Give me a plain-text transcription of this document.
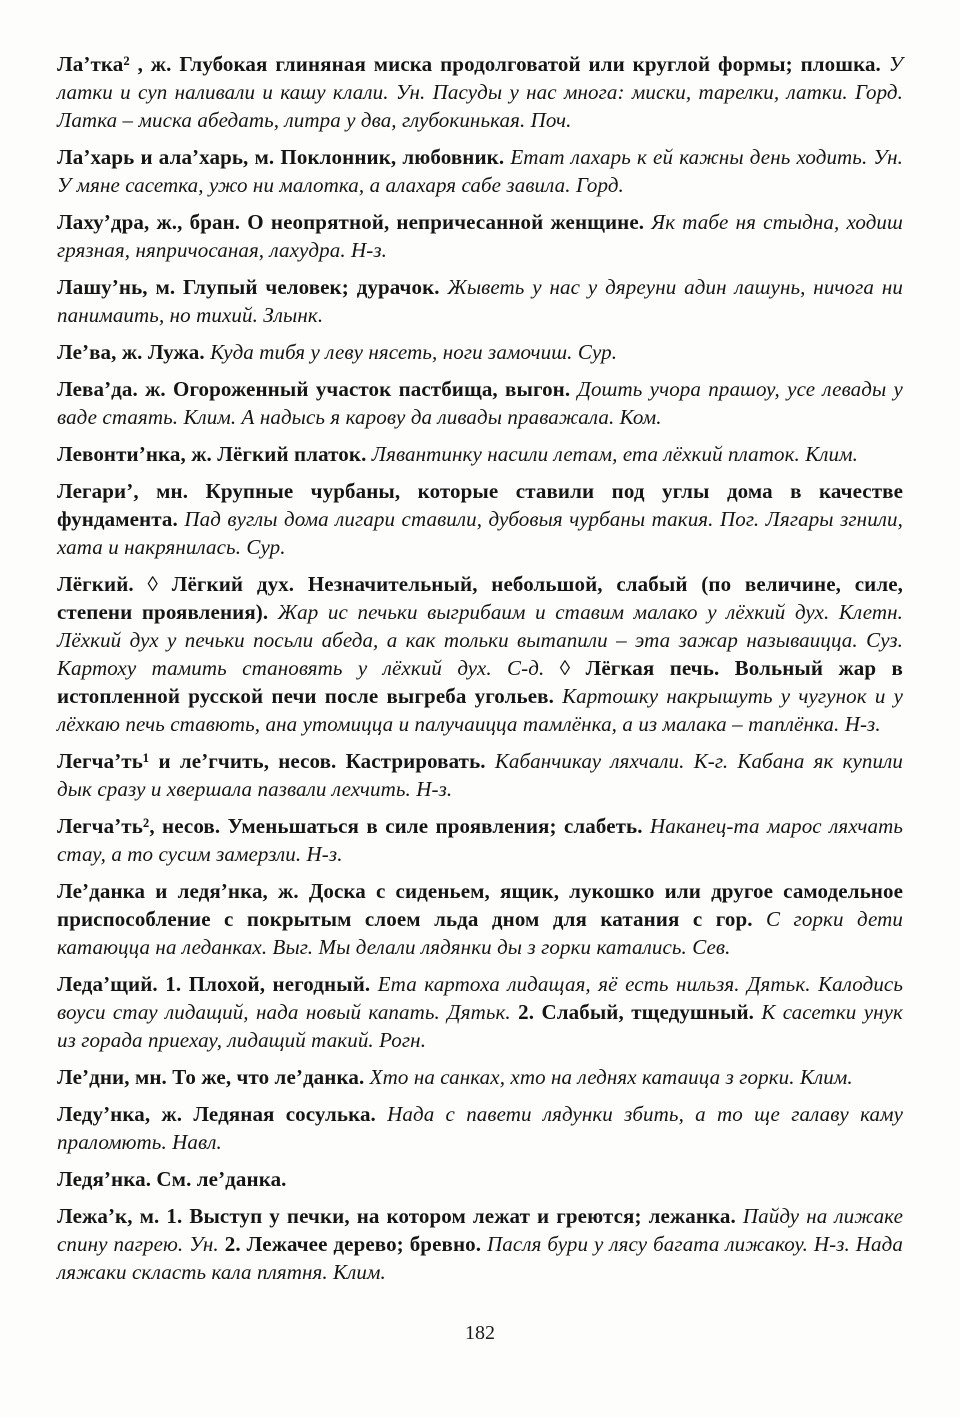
Ла’тка² , ж. Глубокая глиняная миска продолговатой или круглой формы; плошка. У латки и суп наливали и кашу клали. Ун. Пасуды у нас многа: миски, тарелки, латки. Горд. Латка – миска абедать, литра у два, глубокинькая. Поч.

Ла’харь и ала’харь, м. Поклонник, любовник. Етат лахарь к ей кажны день ходить. Ун. У мяне сасетка, ужо ни малотка, а алахаря сабе завила. Горд.

Лаху’дра, ж., бран. О неопрятной, непричесанной женщине. Як табе ня стыдна, ходиш грязная, няпричосаная, лахудра. Н-з.

Лашу’нь, м. Глупый человек; дурачок. Жыветь у нас у дяреуни адин лашунь, ничога ни панимаить, но тихий. Злынк.

Ле’ва, ж. Лужа. Куда тибя у леву нясеть, ноги замочиш. Сур.

Лева’да. ж. Огороженный участок пастбища, выгон. Дошть учора прашоу, усе левады у ваде стаять. Клим. А надысь я карову да ливады праважала. Ком.

Левонти’нка, ж. Лёгкий платок. Лявантинку насили летам, ета лёхкий платок. Клим.

Легари’, мн. Крупные чурбаны, которые ставили под углы дома в качестве фундамента. Пад вуглы дома лигари ставили, дубовыя чурбаны такия. Пог. Лягары згнили, хата и накрянилась. Сур.

Лёгкий. ◊ Лёгкий дух. Незначительный, небольшой, слабый (по величине, силе, степени проявления). Жар ис печьки выгрибаим и ставим малако у лёхкий дух. Клетн. Лёхкий дух у печьки посьли абеда, а как тольки вытапили – эта зажар называицца. Суз. Картоху тамить становять у лёхкий дух. С-д. ◊ Лёгкая печь. Вольный жар в истопленной русской печи после выгреба угольев. Картошку накрышуть у чугунок и у лёхкаю печь ставють, ана утомицца и палучаицца тамлёнка, а из малака – таплёнка. Н-з.

Легча’ть¹ и ле’гчить, несов. Кастрировать. Кабанчикау ляхчали. К-г. Кабана як купили дык сразу и хвершала пазвали лехчить. Н-з.

Легча’ть², несов. Уменьшаться в силе проявления; слабеть. Наканец-та марос ляхчать стау, а то сусим замерзли. Н-з.

Ле’данка и ледя’нка, ж. Доска с сиденьем, ящик, лукошко или другое самодельное приспособление с покрытым слоем льда дном для катания с гор. С горки дети катаюцца на леданках. Выг. Мы делали лядянки ды з горки катались. Сев.

Леда’щий. 1. Плохой, негодный. Ета картоха лидащая, яё есть нильзя. Дятьк. Калодись воуси стау лидащий, нада новый капать. Дятьк. 2. Слабый, тщедушный. К сасетки унук из горада приехау, лидащий такий. Рогн.

Ле’дни, мн. То же, что ле’данка. Хто на санках, хто на леднях катаица з горки. Клим.

Леду’нка, ж. Ледяная сосулька. Нада с павети лядунки збить, а то ще галаву каму праломють. Навл.

Ледя’нка. См. ле’данка.

Лежа’к, м. 1. Выступ у печки, на котором лежат и греются; лежанка. Пайду на лижаке спину пагрею. Ун. 2. Лежачее дерево; бревно. Пасля бури у лясу багата лижакоу. Н-з. Нада ляжаки скласть кала плятня. Клим.

182
